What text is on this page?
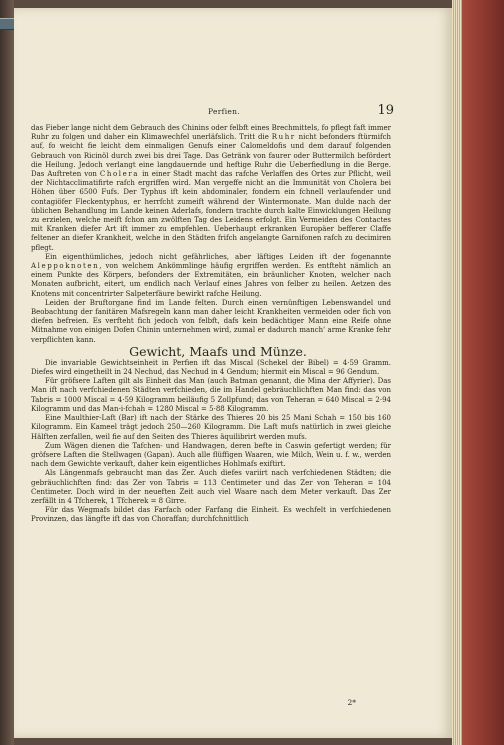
Perfien.	19

das Fieber lange nicht dem Gebrauch des Chinins oder felbft eines Brechmittels, fo pflegt faft immer Ruhr zu folgen und daher ein Klimawechfel unerläfslich. Tritt die Ruhr nicht befonders ftürmifch auf, fo weicht fie leicht dem einmaligen Genufs einer Calomeldofis und dem darauf folgenden Gebrauch von Ricinöl durch zwei bis drei Tage. Das Getränk von faurer oder Buttermilch befördert die Heilung. Jedoch verlangt eine langdauernde und heftige Ruhr die Ueberfiedlung in die Berge. Das Auftreten von Cholera in einer Stadt macht das rafche Verlaffen des Ortes zur Pflicht, weil der Nichtacclimatifirte rafch ergriffen wird. Man vergeffe nicht an die Immunität von Cholera bei Höhen über 6500 Fufs. Der Typhus ift kein abdominaler, fondern ein fchnell verlaufender und contagiöfer Fleckentyphus, er herrfcht zumeift während der Wintermonate. Man dulde nach der üblichen Behandlung im Lande keinen Aderlafs, fondern trachte durch kalte Einwicklungen Heilung zu erzielen, welche meift fchon am zwölften Tag des Leidens erfolgt. Ein Vermeiden des Contactes mit Kranken diefer Art ift immer zu empfehlen. Ueberhaupt erkranken Europäer befferer Claffe feltener an diefer Krankheit, welche in den Städten frifch angelangte Garnifonen rafch zu decimiren pflegt.

Ein eigenthümliches, jedoch nicht gefährliches, aber läftiges Leiden ift der fogenannte Aleppoknoten, von welchem Ankömmlinge häufig ergriffen werden. Es entfteht nämlich an einem Punkte des Körpers, befonders der Extremitäten, ein bräunlicher Knoten, welcher nach Monaten aufbricht, eitert, um endlich nach Verlauf eines Jahres von felber zu heilen. Aetzen des Knotens mit concentrirter Salpeterfäure bewirkt rafche Heilung.

Leiden der Bruftorgane find im Lande felten. Durch einen vernünftigen Lebenswandel und Beobachtung der fanitären Mafsregeln kann man daher leicht Krankheiten vermeiden oder fich von diefen befreien. Es verfteht fich jedoch von felbft, dafs kein bedächtiger Mann eine Reife ohne Mitnahme von einigen Dofen Chinin unternehmen wird, zumal er dadurch manch' arme Kranke fehr verpflichten kann.

Gewicht, Maafs und Münze.

Die invariable Gewichtseinheit in Perfien ift das Miscal (Schekel der Bibel) = 4·59 Gramm. Diefes wird eingetheilt in 24 Nechud, das Nechud in 4 Gendum; hiermit ein Miscal = 96 Gendum.

Für gröfsere Laften gilt als Einheit das Man (auch Batman genannt, die Mina der Affyrier). Das Man ift nach verfchiedenen Städten verfchieden, die im Handel gebräuchlichften Man find: das von Tabris = 1000 Miscal = 4·59 Kilogramm beiläufig 5 Zollpfund; das von Teheran = 640 Miscal = 2·94 Kilogramm und das Man-i-fchah = 1280 Miscal = 5·88 Kilogramm.

Eine Maulthier-Laft (Bar) ift nach der Stärke des Thieres 20 bis 25 Mani Schah = 150 bis 160 Kilogramm. Ein Kameel trägt jedoch 250—260 Kilogramm. Die Laft mufs natürlich in zwei gleiche Hälften zerfallen, weil fie auf den Seiten des Thieres äquilibrirt werden mufs.

Zum Wägen dienen die Tafchen- und Handwagen, deren befte in Caswin gefertigt werden; für gröfsere Laften die Stellwagen (Gapan). Auch alle flüffigen Waaren, wie Milch, Wein u. f. w., werden nach dem Gewichte verkauft, daher kein eigentliches Hohlmafs exiftirt.

Als Längenmafs gebraucht man das Zer. Auch diefes variirt nach verfchiedenen Städten; die gebräuchlichften find: das Zer von Tabris = 113 Centimeter und das Zer von Teheran = 104 Centimeter. Doch wird in der neueften Zeit auch viel Waare nach dem Meter verkauft. Das Zer zerfällt in 4 Tfcherek, 1 Tfcherek = 8 Girre.

Für das Wegmafs bildet das Farfach oder Farfang die Einheit. Es wechfelt in verfchiedenen Provinzen, das längfte ift das von Choraffan; durchfchnittlich

2*
